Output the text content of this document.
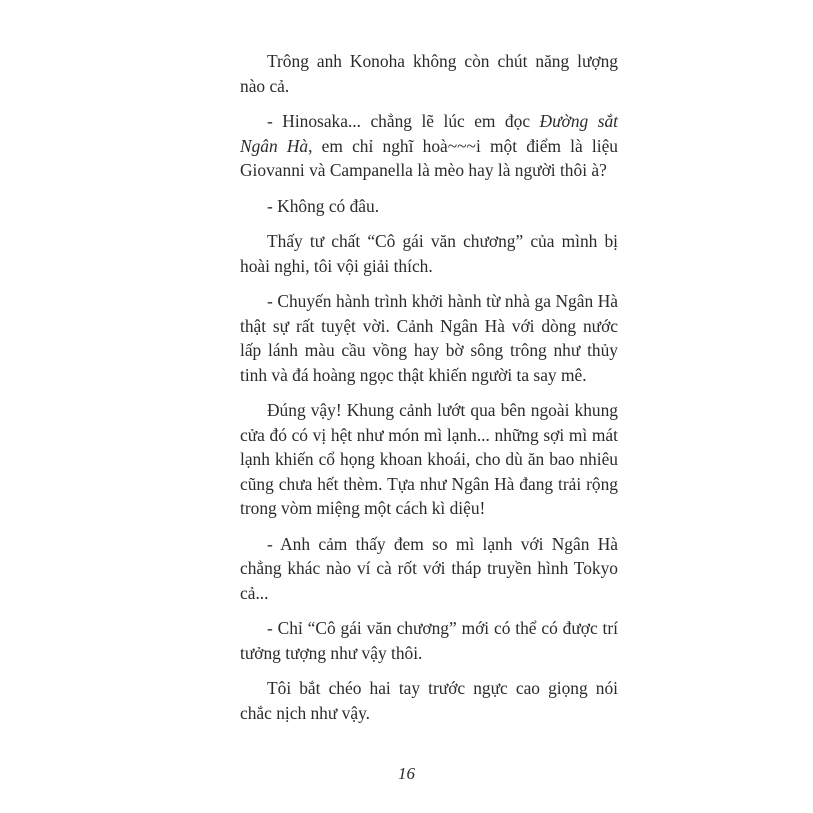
Trông anh Konoha không còn chút năng lượng nào cả.

- Hinosaka... chẳng lẽ lúc em đọc Đường sắt Ngân Hà, em chỉ nghĩ hoà~~~i một điểm là liệu Giovanni và Campanella là mèo hay là người thôi à?

- Không có đâu.

Thấy tư chất “Cô gái văn chương” của mình bị hoài nghi, tôi vội giải thích.

- Chuyến hành trình khởi hành từ nhà ga Ngân Hà thật sự rất tuyệt vời. Cảnh Ngân Hà với dòng nước lấp lánh màu cầu vồng hay bờ sông trông như thủy tinh và đá hoàng ngọc thật khiến người ta say mê.

Đúng vậy! Khung cảnh lướt qua bên ngoài khung cửa đó có vị hệt như món mì lạnh... những sợi mì mát lạnh khiến cổ họng khoan khoái, cho dù ăn bao nhiêu cũng chưa hết thèm. Tựa như Ngân Hà đang trải rộng trong vòm miệng một cách kì diệu!

- Anh cảm thấy đem so mì lạnh với Ngân Hà chẳng khác nào ví cà rốt với tháp truyền hình Tokyo cả...

- Chỉ “Cô gái văn chương” mới có thể có được trí tưởng tượng như vậy thôi.

Tôi bắt chéo hai tay trước ngực cao giọng nói chắc nịch như vậy.

16
